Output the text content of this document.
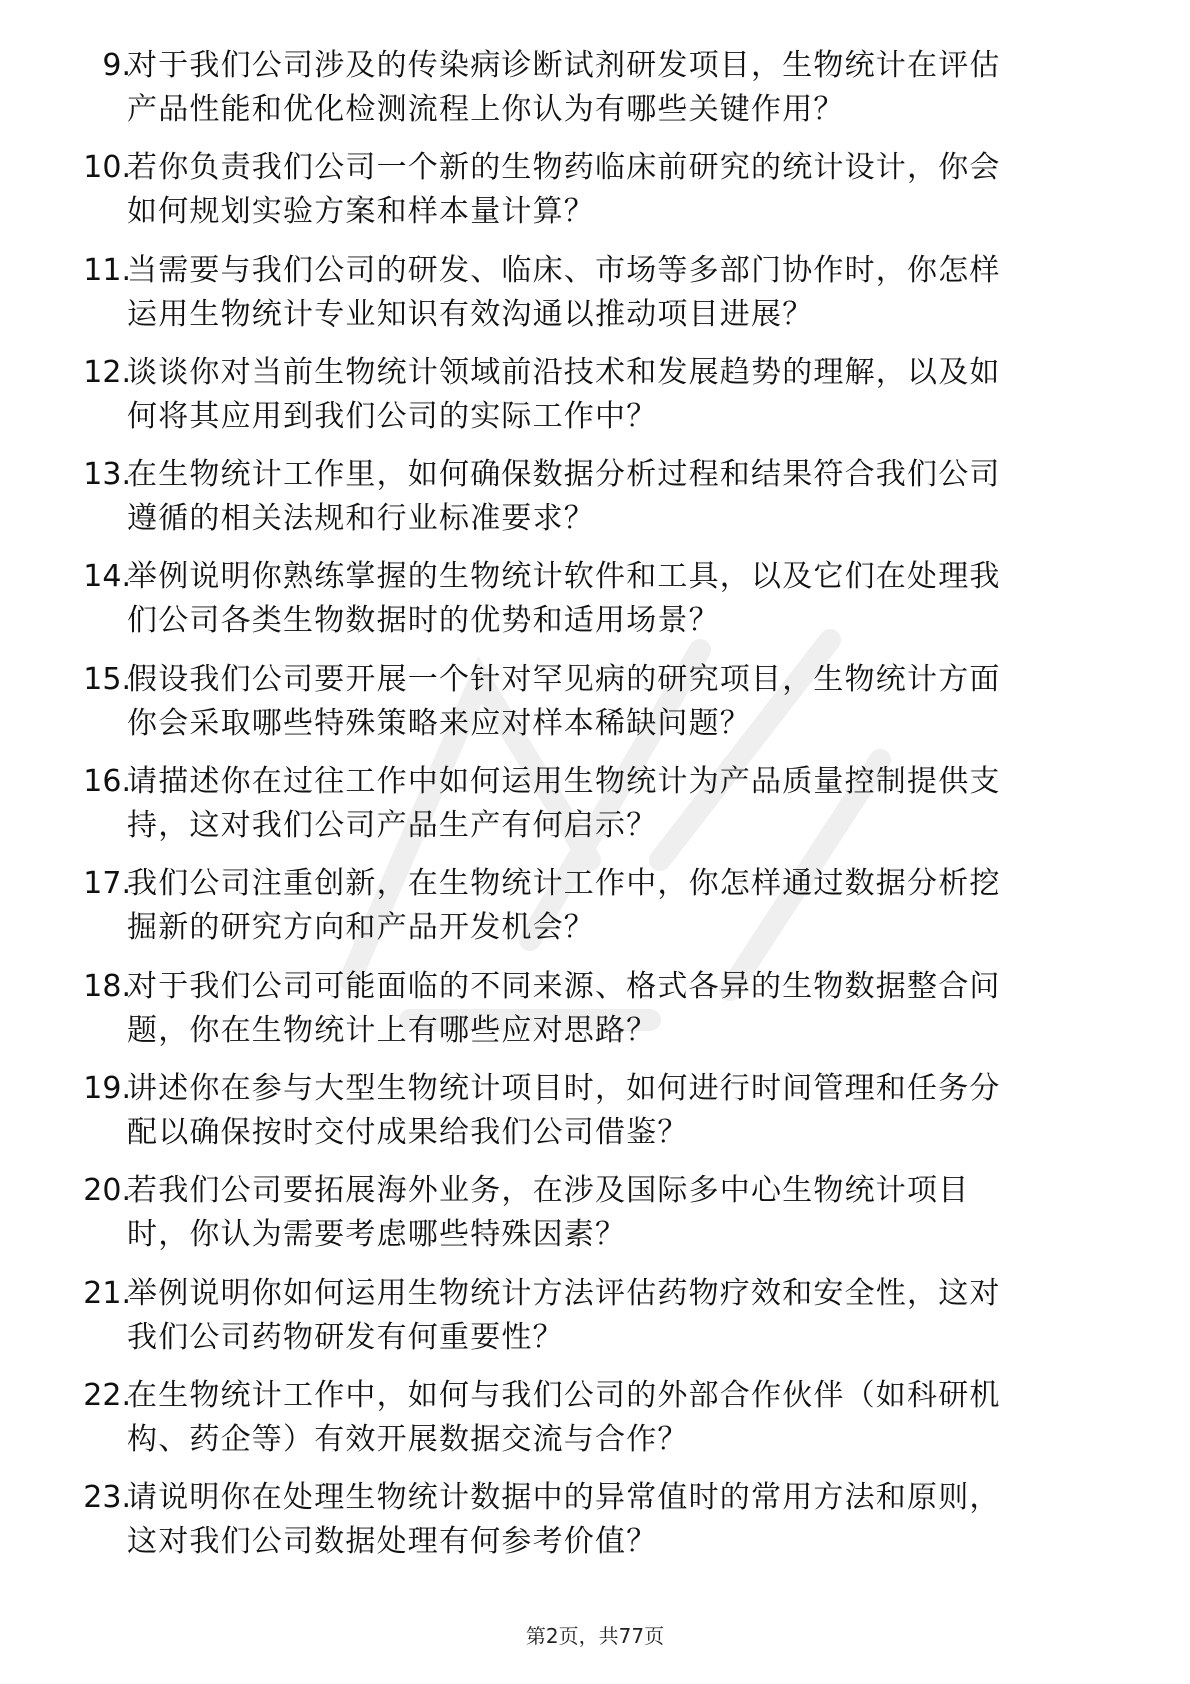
9.
对于我们公司涉及的传染病诊断试剂研发项目，生物统计在评估
产品性能和优化检测流程上你认为有哪些关键作用？
10.
若你负责我们公司一个新的生物药临床前研究的统计设计，你会
如何规划实验方案和样本量计算？
11.
当需要与我们公司的研发、临床、市场等多部门协作时，你怎样
运用生物统计专业知识有效沟通以推动项目进展？
12.
谈谈你对当前生物统计领域前沿技术和发展趋势的理解，以及如
何将其应用到我们公司的实际工作中？
13.
在生物统计工作里，如何确保数据分析过程和结果符合我们公司
遵循的相关法规和行业标准要求？
14.
举例说明你熟练掌握的生物统计软件和工具，以及它们在处理我
们公司各类生物数据时的优势和适用场景？
15.
假设我们公司要开展一个针对罕见病的研究项目，生物统计方面
你会采取哪些特殊策略来应对样本稀缺问题？
16.
请描述你在过往工作中如何运用生物统计为产品质量控制提供支
持，这对我们公司产品生产有何启示？
17.
我们公司注重创新，在生物统计工作中，你怎样通过数据分析挖
掘新的研究方向和产品开发机会？
18.
对于我们公司可能面临的不同来源、格式各异的生物数据整合问
题，你在生物统计上有哪些应对思路？
19.
讲述你在参与大型生物统计项目时，如何进行时间管理和任务分
配以确保按时交付成果给我们公司借鉴？
20.
若我们公司要拓展海外业务，在涉及国际多中心生物统计项目
时，你认为需要考虑哪些特殊因素？
21.
举例说明你如何运用生物统计方法评估药物疗效和安全性，这对
我们公司药物研发有何重要性？
22.
在生物统计工作中，如何与我们公司的外部合作伙伴（如科研机
构、药企等）有效开展数据交流与合作？
23.
请说明你在处理生物统计数据中的异常值时的常用方法和原则，
这对我们公司数据处理有何参考价值？
第2页，共77页
